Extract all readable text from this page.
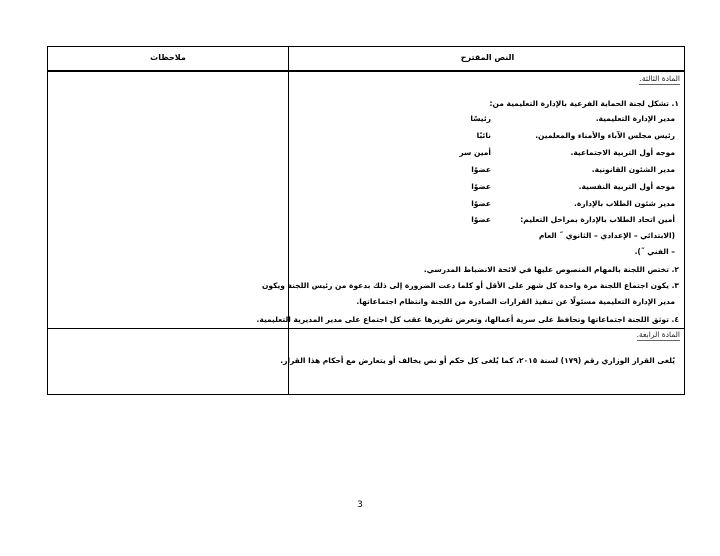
ملاحظات	النص المقترح
المادة الثالثة.
١. تشكل لجنة الحماية الفرعية بالإدارة التعليمية من:
مدير الإدارة التعليمية.
رئيسًا
رئيس مجلس الآباء والأمناء والمعلمين.
نائبًا
موجه أول التربية الاجتماعية.
أمين سر
مدير الشئون القانونية.
عضوًا
موجه أول التربية النفسية.
عضوًا
مدير شئون الطلاب بالإدارة.
عضوًا
أمين اتحاد الطلاب بالإدارة بمراحل التعليم:
عضوًا
(الابتدائي – الإعدادي – الثانوي ˝ العام
– الفني ˝).
٢. تختص اللجنة بالمهام المنصوص عليها في لائحة الانضباط المدرسي.
٣. يكون اجتماع اللجنة مرة واحدة كل شهر على الأقل أو كلما دعت الضرورة إلى ذلك بدعوة من رئيس اللجنة ويكون
مدير الإدارة التعليمية مسئولًا عن تنفيذ القرارات الصادرة من اللجنة وانتظام اجتماعاتها.
٤. توثق اللجنة اجتماعاتها وتحافظ على سرية أعمالها، وتعرض تقريرها عقب كل اجتماع على مدير المديرية التعليمية.
المادة الرابعة.
يُلغى القرار الوزاري رقم (١٧٩) لسنة ٢٠١٥، كما يُلغى كل حكم أو نص يخالف أو يتعارض مع أحكام هذا القرار.
3
